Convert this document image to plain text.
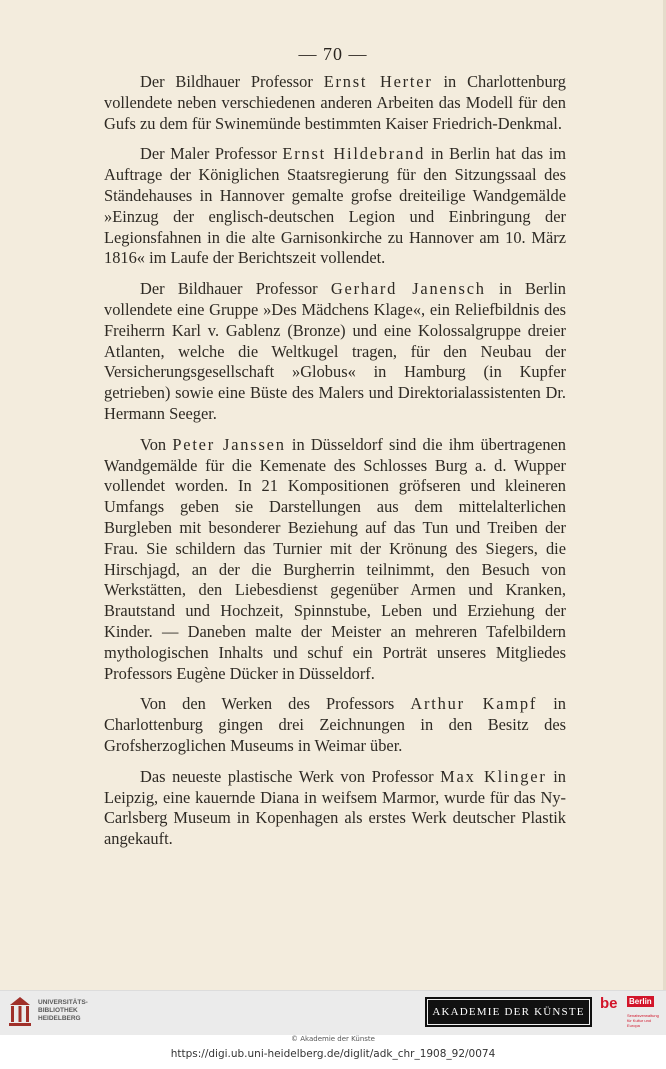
— 70 —

Der Bildhauer Professor Ernst Herter in Charlottenburg vollendete neben verschiedenen anderen Arbeiten das Modell für den Gufs zu dem für Swinemünde bestimmten Kaiser Friedrich-Denkmal.

Der Maler Professor Ernst Hildebrand in Berlin hat das im Auftrage der Königlichen Staatsregierung für den Sitzungssaal des Ständehauses in Hannover gemalte grofse dreiteilige Wandgemälde »Einzug der englisch-deutschen Legion und Einbringung der Legionsfahnen in die alte Garnisonkirche zu Hannover am 10. März 1816« im Laufe der Berichtszeit vollendet.

Der Bildhauer Professor Gerhard Janensch in Berlin vollendete eine Gruppe »Des Mädchens Klage«, ein Reliefbildnis des Freiherrn Karl v. Gablenz (Bronze) und eine Kolossalgruppe dreier Atlanten, welche die Weltkugel tragen, für den Neubau der Versicherungsgesellschaft »Globus« in Hamburg (in Kupfer getrieben) sowie eine Büste des Malers und Direktorialassistenten Dr. Hermann Seeger.

Von Peter Janssen in Düsseldorf sind die ihm übertragenen Wandgemälde für die Kemenate des Schlosses Burg a. d. Wupper vollendet worden. In 21 Kompositionen gröfseren und kleineren Umfangs geben sie Darstellungen aus dem mittelalterlichen Burgleben mit besonderer Beziehung auf das Tun und Treiben der Frau. Sie schildern das Turnier mit der Krönung des Siegers, die Hirschjagd, an der die Burgherrin teilnimmt, den Besuch von Werkstätten, den Liebesdienst gegenüber Armen und Kranken, Brautstand und Hochzeit, Spinnstube, Leben und Erziehung der Kinder. — Daneben malte der Meister an mehreren Tafelbildern mythologischen Inhalts und schuf ein Porträt unseres Mitgliedes Professors Eugène Dücker in Düsseldorf.

Von den Werken des Professors Arthur Kampf in Charlottenburg gingen drei Zeichnungen in den Besitz des Grofsherzoglichen Museums in Weimar über.

Das neueste plastische Werk von Professor Max Klinger in Leipzig, eine kauernde Diana in weifsem Marmor, wurde für das Ny-Carlsberg Museum in Kopenhagen als erstes Werk deutscher Plastik angekauft.

UNIVERSITÄTS-
BIBLIOTHEK
HEIDELBERG
AKADEMIE DER KÜNSTE	be Berlin
Senatsverwaltung
für Kultur und Europa
© Akademie der Künste
https://digi.ub.uni-heidelberg.de/diglit/adk_chr_1908_92/0074
